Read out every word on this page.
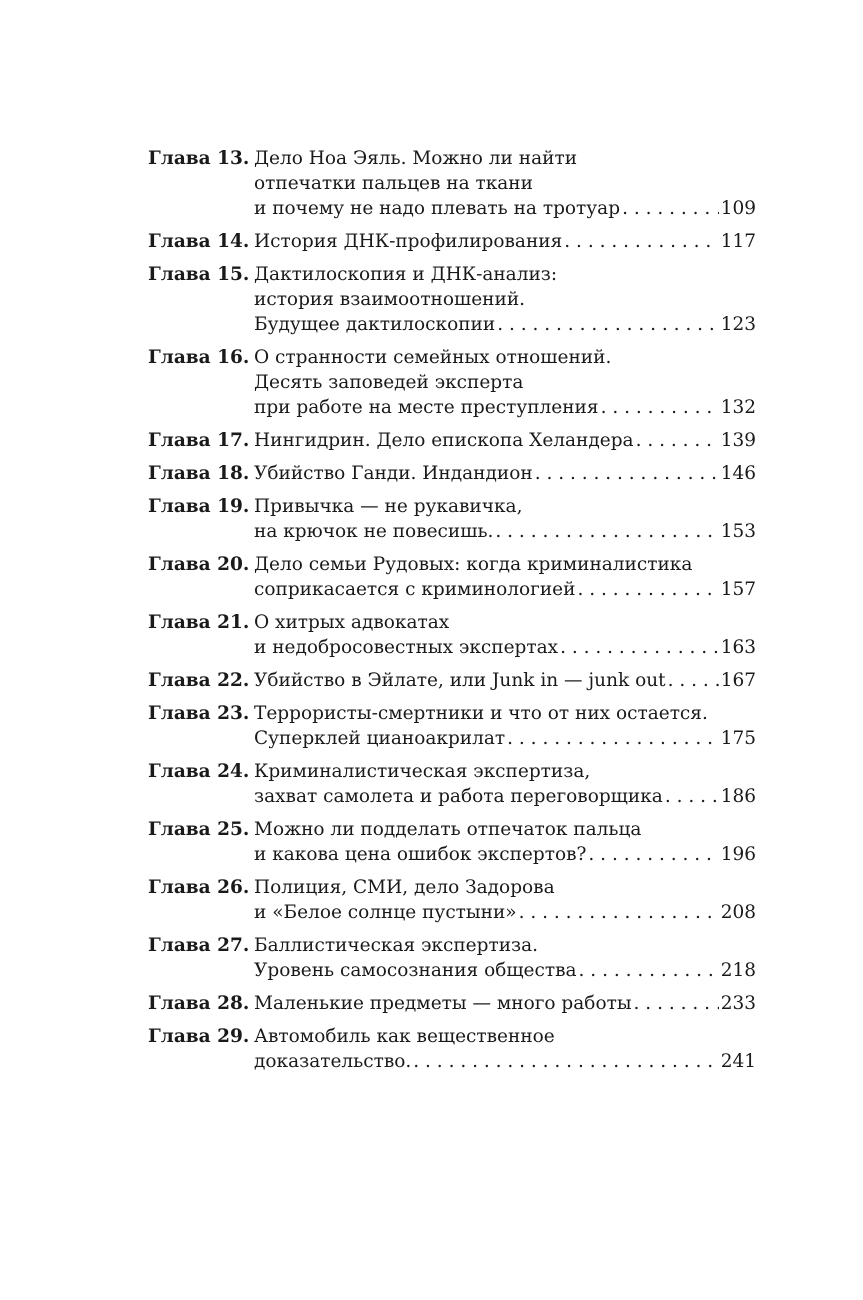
Глава 13. Дело Ноа Эяль. Можно ли найти
отпечатки пальцев на ткани
и почему не надо плевать на тротуар . . .	109
Глава 14. История ДНК-профилирования . . .	117
Глава 15. Дактилоскопия и ДНК-анализ:
история взаимоотношений.
Будущее дактилоскопии . . .	123
Глава 16. О странности семейных отношений.
Десять заповедей эксперта
при работе на месте преступления . . .	132
Глава 17. Нингидрин. Дело епископа Хеландера . . .	139
Глава 18. Убийство Ганди. Индандион . . .	146
Глава 19. Привычка — не рукавичка,
на крючок не повесишь. . . .	153
Глава 20. Дело семьи Рудовых: когда криминалистика
соприкасается с криминологией . . .	157
Глава 21. О хитрых адвокатах
и недобросовестных экспертах . . .	163
Глава 22. Убийство в Эйлате, или Junk in — junk out . . .	167
Глава 23. Террористы-смертники и что от них остается.
Суперклей цианоакрилат . . .	175
Глава 24. Криминалистическая экспертиза,
захват самолета и работа переговорщика . . .	186
Глава 25. Можно ли подделать отпечаток пальца
и какова цена ошибок экспертов? . . .	196
Глава 26. Полиция, СМИ, дело Задорова
и «Белое солнце пустыни» . . .	208
Глава 27. Баллистическая экспертиза.
Уровень самосознания общества . . .	218
Глава 28. Маленькие предметы — много работы . . .	233
Глава 29. Автомобиль как вещественное
доказательство. . . .	241
